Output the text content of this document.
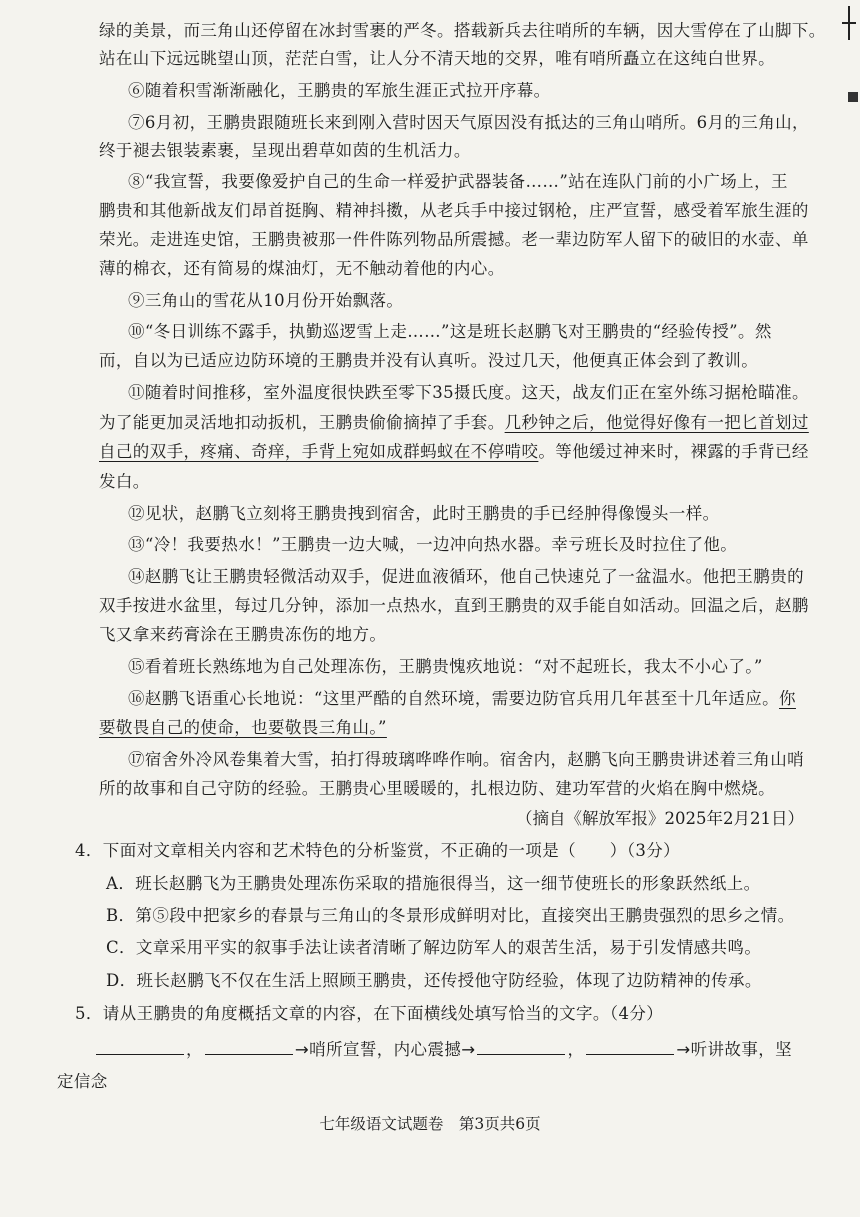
绿的美景，而三角山还停留在冰封雪裹的严冬。搭载新兵去往哨所的车辆，因大雪停在了山脚下。
站在山下远远眺望山顶，茫茫白雪，让人分不清天地的交界，唯有哨所矗立在这纯白世界。
⑥随着积雪渐渐融化，王鹏贵的军旅生涯正式拉开序幕。
⑦6月初，王鹏贵跟随班长来到刚入营时因天气原因没有抵达的三角山哨所。6月的三角山，
终于褪去银装素裹，呈现出碧草如茵的生机活力。
⑧“我宣誓，我要像爱护自己的生命一样爱护武器装备……”站在连队门前的小广场上，王
鹏贵和其他新战友们昂首挺胸、精神抖擞，从老兵手中接过钢枪，庄严宣誓，感受着军旅生涯的
荣光。走进连史馆，王鹏贵被那一件件陈列物品所震撼。老一辈边防军人留下的破旧的水壶、单
薄的棉衣，还有简易的煤油灯，无不触动着他的内心。
⑨三角山的雪花从10月份开始飘落。
⑩“冬日训练不露手，执勤巡逻雪上走……”这是班长赵鹏飞对王鹏贵的“经验传授”。然
而，自以为已适应边防环境的王鹏贵并没有认真听。没过几天，他便真正体会到了教训。
⑪随着时间推移，室外温度很快跌至零下35摄氏度。这天，战友们正在室外练习据枪瞄准。
为了能更加灵活地扣动扳机，王鹏贵偷偷摘掉了手套。几秒钟之后，他觉得好像有一把匕首划过
自己的双手，疼痛、奇痒，手背上宛如成群蚂蚁在不停啃咬。等他缓过神来时，裸露的手背已经
发白。
⑫见状，赵鹏飞立刻将王鹏贵拽到宿舍，此时王鹏贵的手已经肿得像馒头一样。
⑬“冷！我要热水！”王鹏贵一边大喊，一边冲向热水器。幸亏班长及时拉住了他。
⑭赵鹏飞让王鹏贵轻微活动双手，促进血液循环，他自己快速兑了一盆温水。他把王鹏贵的
双手按进水盆里，每过几分钟，添加一点热水，直到王鹏贵的双手能自如活动。回温之后，赵鹏
飞又拿来药膏涂在王鹏贵冻伤的地方。
⑮看着班长熟练地为自己处理冻伤，王鹏贵愧疚地说：“对不起班长，我太不小心了。”
⑯赵鹏飞语重心长地说：“这里严酷的自然环境，需要边防官兵用几年甚至十几年适应。你
要敬畏自己的使命，也要敬畏三角山。”
⑰宿舍外冷风卷集着大雪，拍打得玻璃哗哗作响。宿舍内，赵鹏飞向王鹏贵讲述着三角山哨
所的故事和自己守防的经验。王鹏贵心里暖暖的，扎根边防、建功军营的火焰在胸中燃烧。
（摘自《解放军报》2025年2月21日）
4．下面对文章相关内容和艺术特色的分析鉴赏，不正确的一项是（　　）（3分）
A．班长赵鹏飞为王鹏贵处理冻伤采取的措施很得当，这一细节使班长的形象跃然纸上。
B．第⑤段中把家乡的春景与三角山的冬景形成鲜明对比，直接突出王鹏贵强烈的思乡之情。
C．文章采用平实的叙事手法让读者清晰了解边防军人的艰苦生活，易于引发情感共鸣。
D．班长赵鹏飞不仅在生活上照顾王鹏贵，还传授他守防经验，体现了边防精神的传承。
5．请从王鹏贵的角度概括文章的内容，在下面横线处填写恰当的文字。（4分）
，	→哨所宣誓，内心震撼→	，	→听讲故事，坚
定信念
七年级语文试题卷　第3页共6页
